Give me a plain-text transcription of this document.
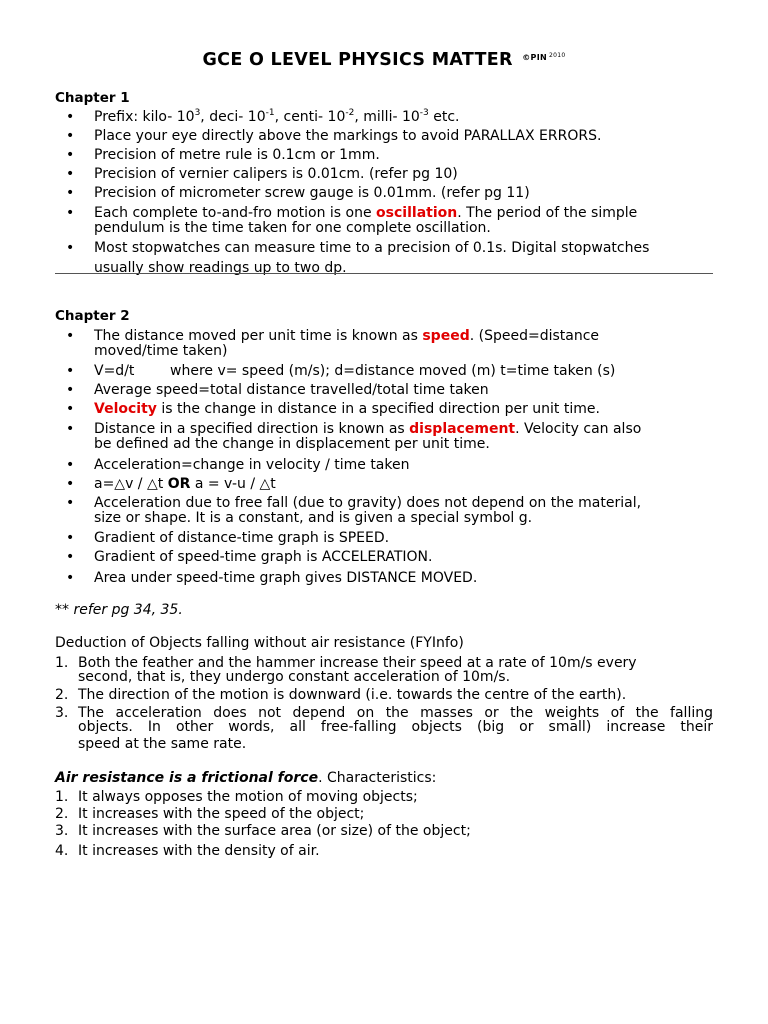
GCE O LEVEL PHYSICS MATTER $^{©PIN}$ $^{2010}$
Chapter 1
• Prefix: kilo- $10^3$, deci- $10^{-1}$, centi- $10^{-2}$, milli- $10^{-3}$ etc.
• Place your eye directly above the markings to avoid PARALLAX ERRORS.
• Precision of metre rule is 0.1cm or 1mm.
• Precision of vernier calipers is 0.01cm. (refer pg 10)
• Precision of micrometer screw gauge is 0.01mm. (refer pg 11)
• Each complete to-and-fro motion is one oscillation. The period of the simple
pendulum is the time taken for one complete oscillation.
• Most stopwatches can measure time to a precision of 0.1s. Digital stopwatches
usually show readings up to two dp.
Chapter 2
• The distance moved per unit time is known as speed. (Speed=distance
moved/time taken)
• V=d/t        where v= speed (m/s); d=distance moved (m) t=time taken (s)
• Average speed=total distance travelled/total time taken
• Velocity is the change in distance in a specified direction per unit time.
• Distance in a specified direction is known as displacement. Velocity can also
be defined ad the change in displacement per unit time.
• Acceleration=change in velocity / time taken
• a=△v / △t OR a = v-u / △t
• Acceleration due to free fall (due to gravity) does not depend on the material,
size or shape. It is a constant, and is given a special symbol g.
• Gradient of distance-time graph is SPEED.
• Gradient of speed-time graph is ACCELERATION.
• Area under speed-time graph gives DISTANCE MOVED.
** refer pg 34, 35.
Deduction of Objects falling without air resistance (FYInfo)
1. Both the feather and the hammer increase their speed at a rate of 10m/s every
second, that is, they undergo constant acceleration of 10m/s.
2. The direction of the motion is downward (i.e. towards the centre of the earth).
3. The acceleration does not depend on the masses or the weights of the falling
objects. In other words, all free-falling objects (big or small) increase their
speed at the same rate.
Air resistance is a frictional force. Characteristics:
1. It always opposes the motion of moving objects;
2. It increases with the speed of the object;
3. It increases with the surface area (or size) of the object;
4. It increases with the density of air.
